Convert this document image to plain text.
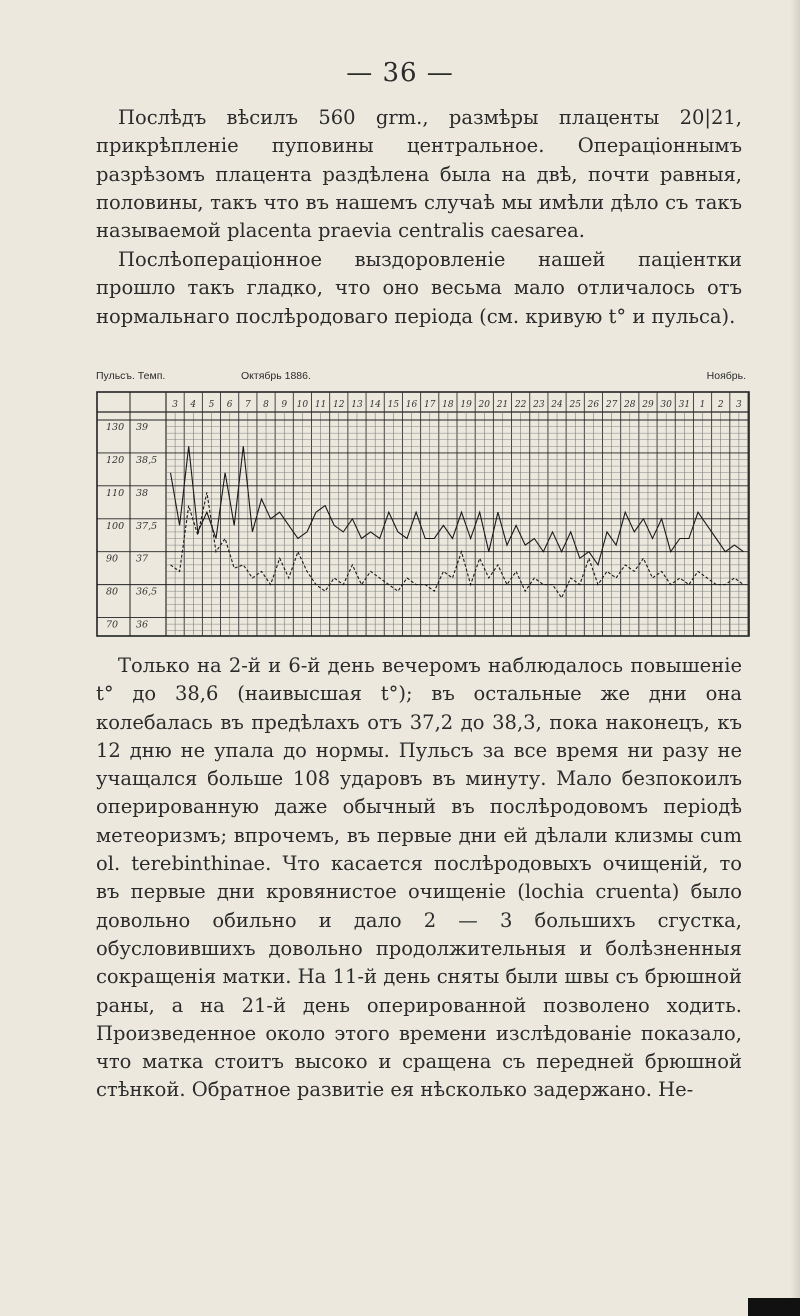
— 36 —

Послѣдъ вѣсилъ 560 grm., размѣры плаценты 20|21, прикрѣпленіе пуповины центральное. Операціоннымъ разрѣзомъ плацента раздѣлена была на двѣ, почти равныя, половины, такъ что въ нашемъ случаѣ мы имѣли дѣло съ такъ называемой placenta praevia centralis caesarea.

Послѣоперaціонное выздоровленіе нашей паціентки прошло такъ гладко, что оно весьма мало отличалось отъ нормальнаго послѣродоваго періода (см. кривую t° и пульса).

Пульсъ. Темп.	Октябрь 1886.	Ноябрь.
130
120
110
100
90
80
70
39
38,5
38
37,5
37
36,5
36
3 4 5 6 7 8 9 10 11 12 13 14 15 16 17 18 19 20 21 22 23 24 25 26 27 28 29 30 31 1 2 3

Только на 2-й и 6-й день вечеромъ наблюдалось повышеніе t° до 38,6 (наивысшая t°); въ остальные же дни она колебалась въ предѣлахъ отъ 37,2 до 38,3, пока наконецъ, къ 12 дню не упала до нормы. Пульсъ за все время ни разу не учащался больше 108 ударовъ въ минуту. Мало безпокоилъ оперированную даже обычный въ послѣродовомъ періодѣ метеоризмъ; впрочемъ, въ первые дни ей дѣлали клизмы cum ol. terebinthinae. Что касается послѣродовыхъ очищеній, то въ первые дни кровянистое очищеніе (lochia cruenta) было довольно обильно и дало 2 — 3 большихъ сгустка, обусловившихъ довольно продолжительныя и болѣзненныя сокращенія матки. На 11-й день сняты были швы съ брюшной раны, а на 21-й день оперированной позволено ходить. Произведенное около этого времени изслѣдованіе показало, что матка стоитъ высоко и сращена съ передней брюшной стѣнкой. Обратное развитіе ея нѣсколько задержано. Не-
